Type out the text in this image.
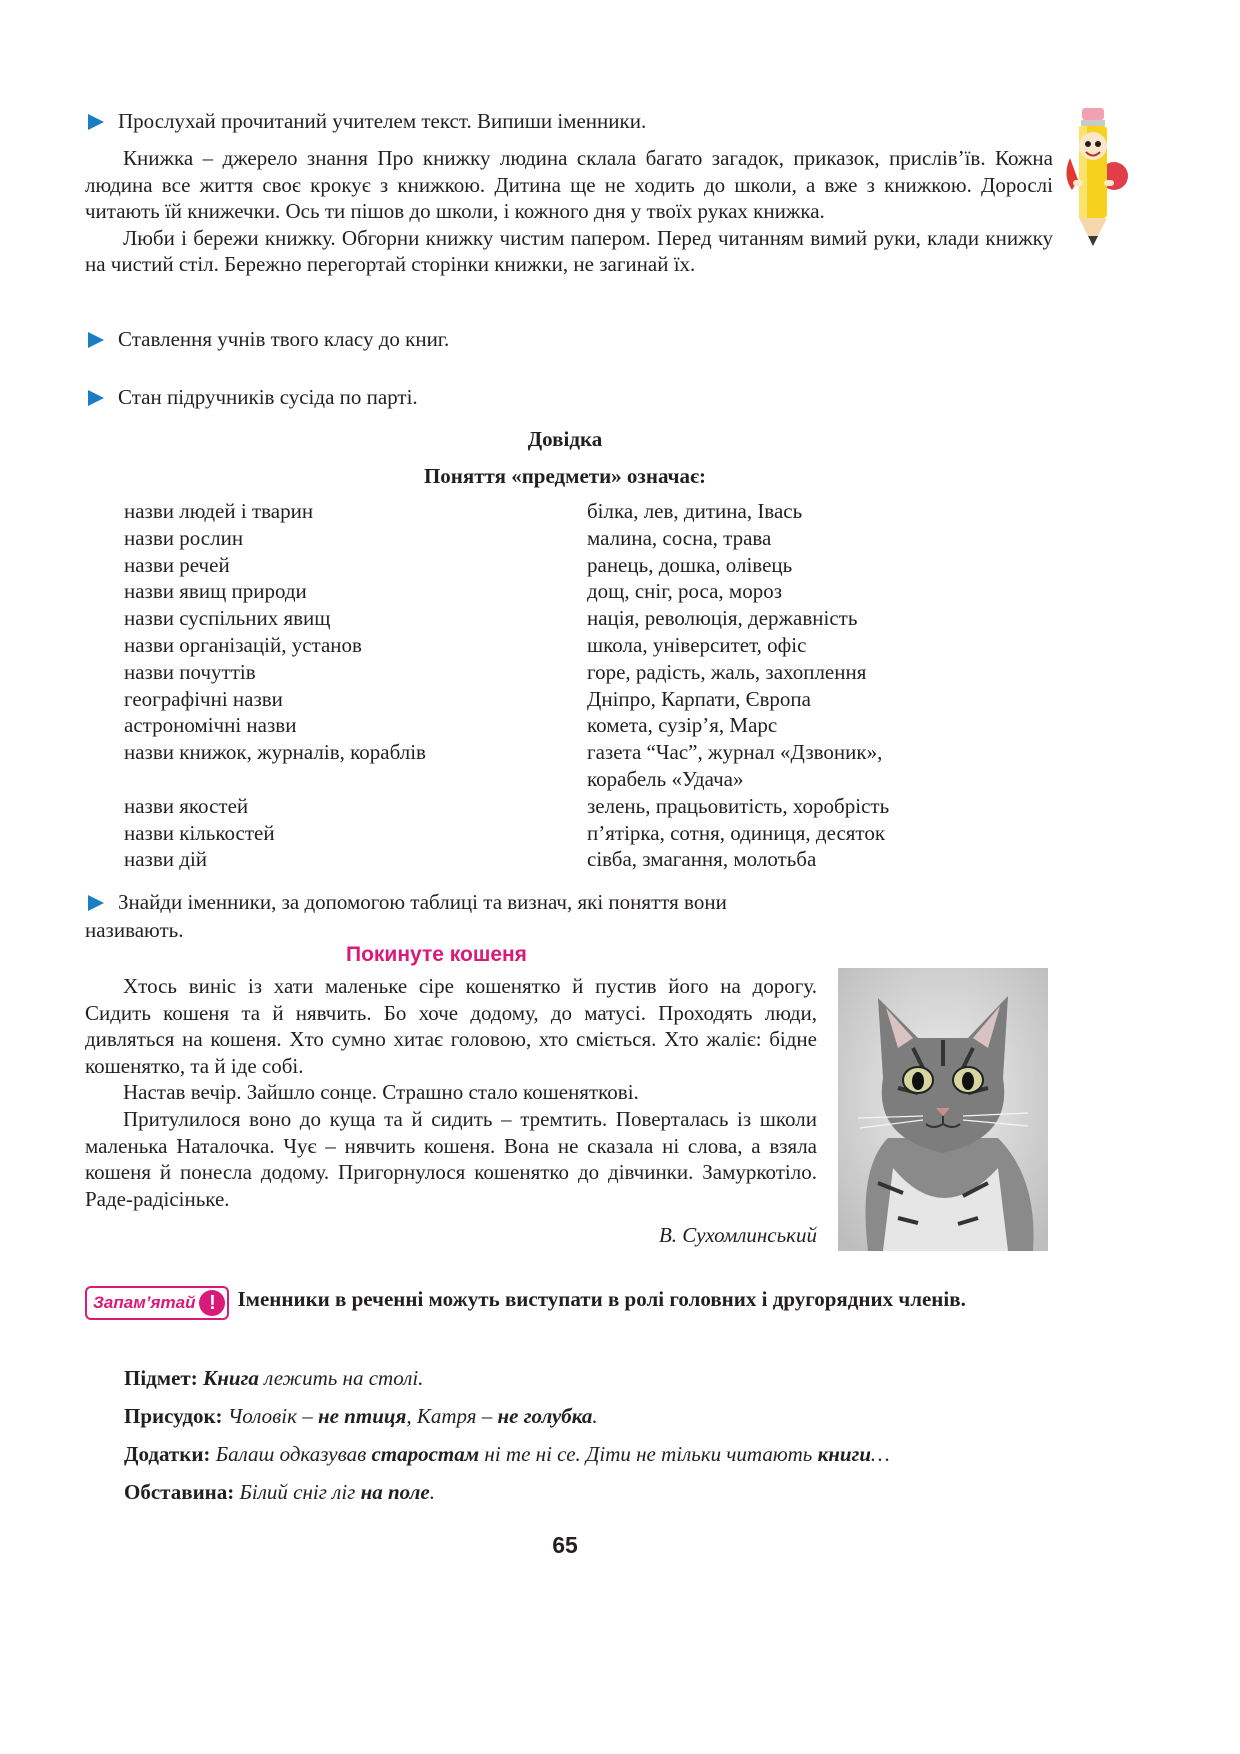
Прослухай прочитаний учителем текст. Випиши іменники.

Книжка – джерело знання Про книжку людина склала багато загадок, приказок, прислів’їв. Кожна людина все життя своє крокує з книжкою. Дитина ще не ходить до школи, а вже з книжкою. Дорослі читають їй книжечки. Ось ти пішов до школи, і кожного дня у твоїх руках книжка.

Люби і бережи книжку. Обгорни книжку чистим папером. Перед читанням вимий руки, клади книжку на чистий стіл. Бережно перегортай сторінки книжки, не загинай їх.

Ставлення учнів твого класу до книг.
Стан підручників сусіда по парті.
Довідка
Поняття «предмети» означає:
назви людей і тварин	білка, лев, дитина, Івась
назви рослин	малина, сосна, трава
назви речей	ранець, дошка, олівець
назви явищ природи	дощ, сніг, роса, мороз
назви суспільних явищ	нація, революція, державність
назви організацій, установ	школа, університет, офіс
назви почуттів	горе, радість, жаль, захоплення
географічні назви	Дніпро, Карпати, Європа
астрономічні назви	комета, сузір’я, Марс
назви книжок, журналів, кораблів	газета “Час”, журнал «Дзвоник»,
корабель «Удача»
назви якостей	зелень, працьовитість, хоробрість
назви кількостей	п’ятірка, сотня, одиниця, десяток
назви дій	сівба, змагання, молотьба
Знайди іменники, за допомогою таблиці та визнач, які поняття вони
називають.
Покинуте кошеня

Хтось виніс із хати маленьке сіре кошенятко й пустив його на дорогу. Сидить кошеня та й нявчить. Бо хоче додому, до матусі. Проходять люди, дивляться на кошеня. Хто сумно хитає головою, хто сміється. Хто жаліє: бідне кошенятко, та й іде собі.

Настав вечір. Зайшло сонце. Страшно стало кошеняткові.

Притулилося воно до куща та й сидить – тремтить. Поверталась із школи маленька Наталочка. Чує – нявчить кошеня. Вона не сказала ні слова, а взяла кошеня й понесла додому. Пригорнулося кошенятко до дівчинки. Замуркотіло. Раде-радісіньке.

В. Сухомлинський
Запам’ятай !	Іменники в реченні можуть виступати в ролі головних і другорядних членів.
Підмет: Книга лежить на столі.
Присудок: Чоловік – не птиця, Катря – не голубка.
Додатки: Балаш одказував старостам ні те ні се. Діти не тільки читають книги…
Обставина: Білий сніг ліг на поле.
65
